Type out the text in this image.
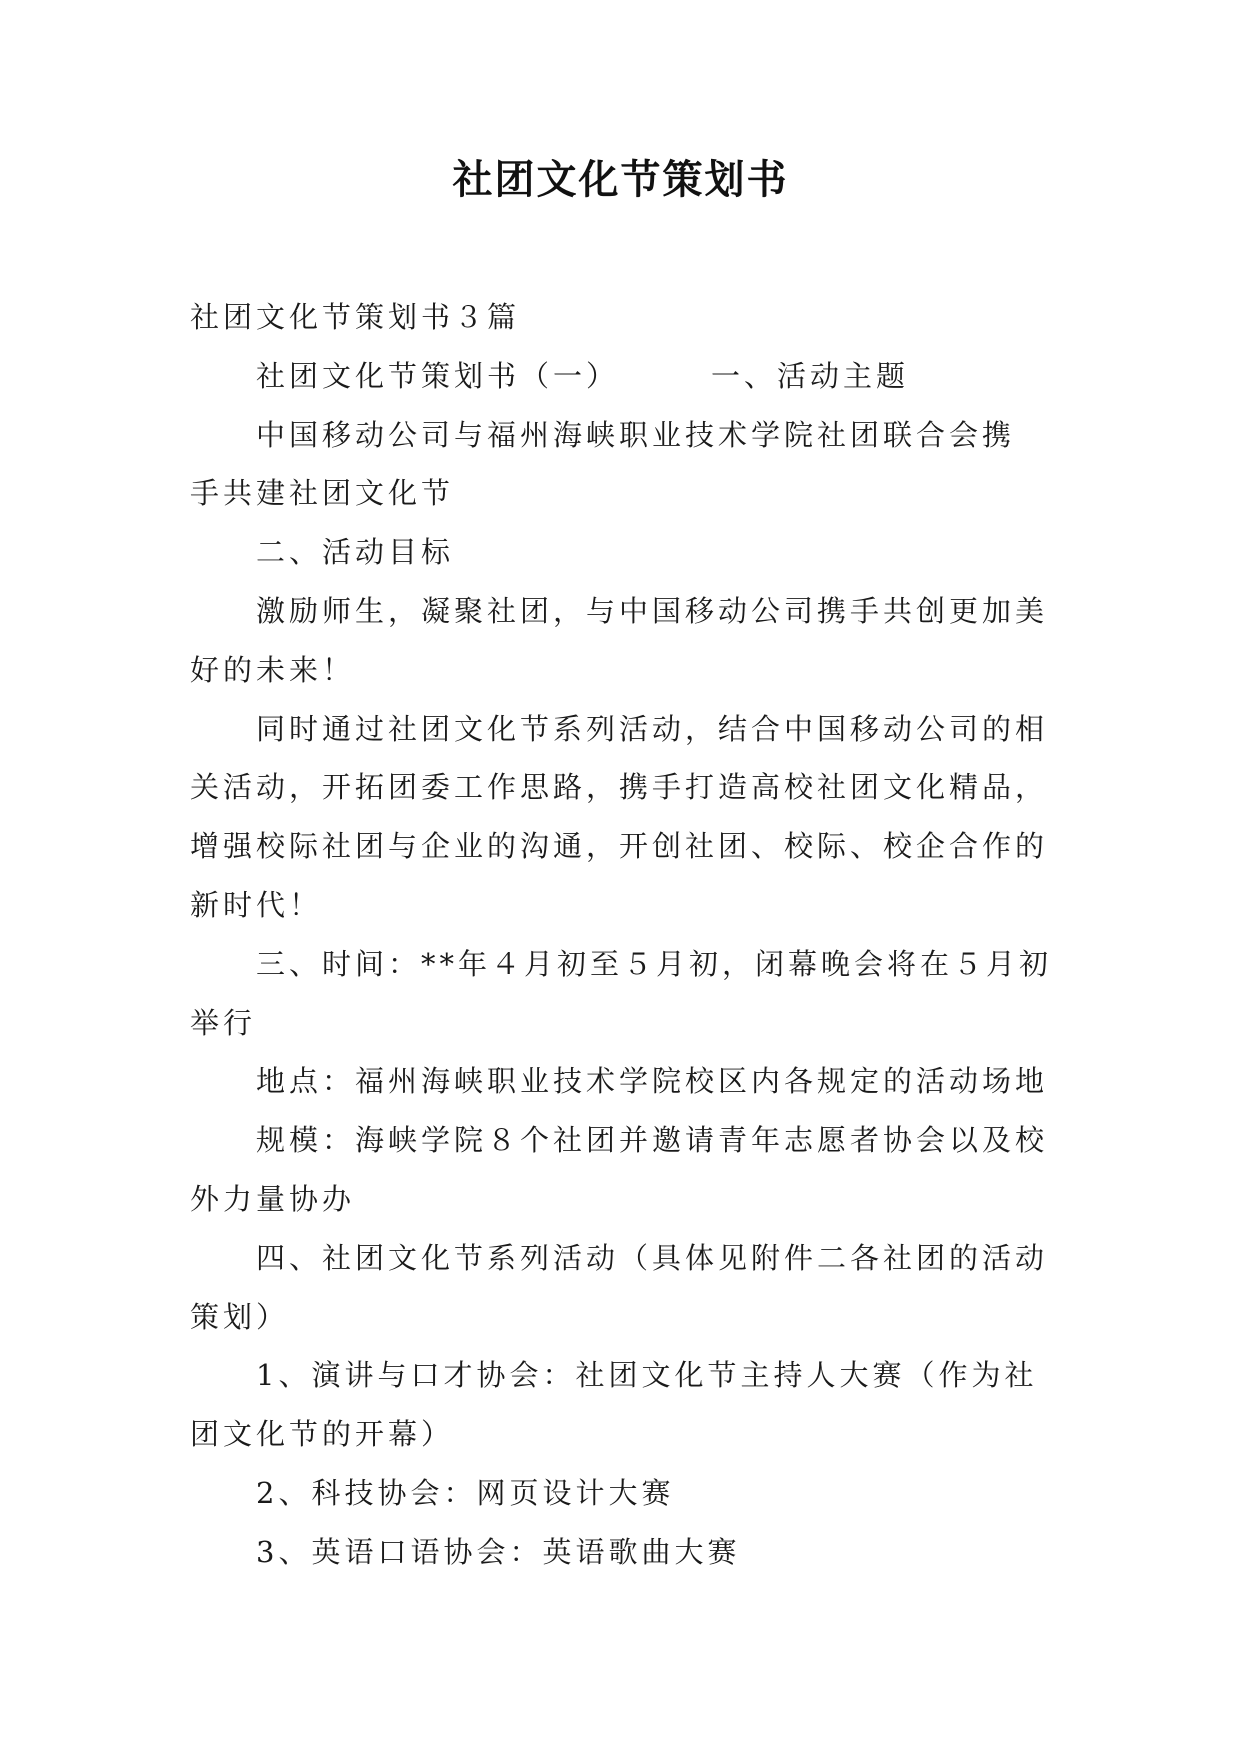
社团文化节策划书
社团文化节策划书３篇
社团文化节策划书（一）	一、活动主题
中国移动公司与福州海峡职业技术学院社团联合会携
手共建社团文化节
二、活动目标
激励师生，凝聚社团，与中国移动公司携手共创更加美
好的未来！
同时通过社团文化节系列活动，结合中国移动公司的相
关活动，开拓团委工作思路，携手打造高校社团文化精品，
增强校际社团与企业的沟通，开创社团、校际、校企合作的
新时代！
三、时间：**年４月初至５月初，闭幕晚会将在５月初
举行
地点：福州海峡职业技术学院校区内各规定的活动场地
规模：海峡学院８个社团并邀请青年志愿者协会以及校
外力量协办
四、社团文化节系列活动（具体见附件二各社团的活动
策划）
1、演讲与口才协会：社团文化节主持人大赛（作为社
团文化节的开幕）
2、科技协会：网页设计大赛
3、英语口语协会：英语歌曲大赛
